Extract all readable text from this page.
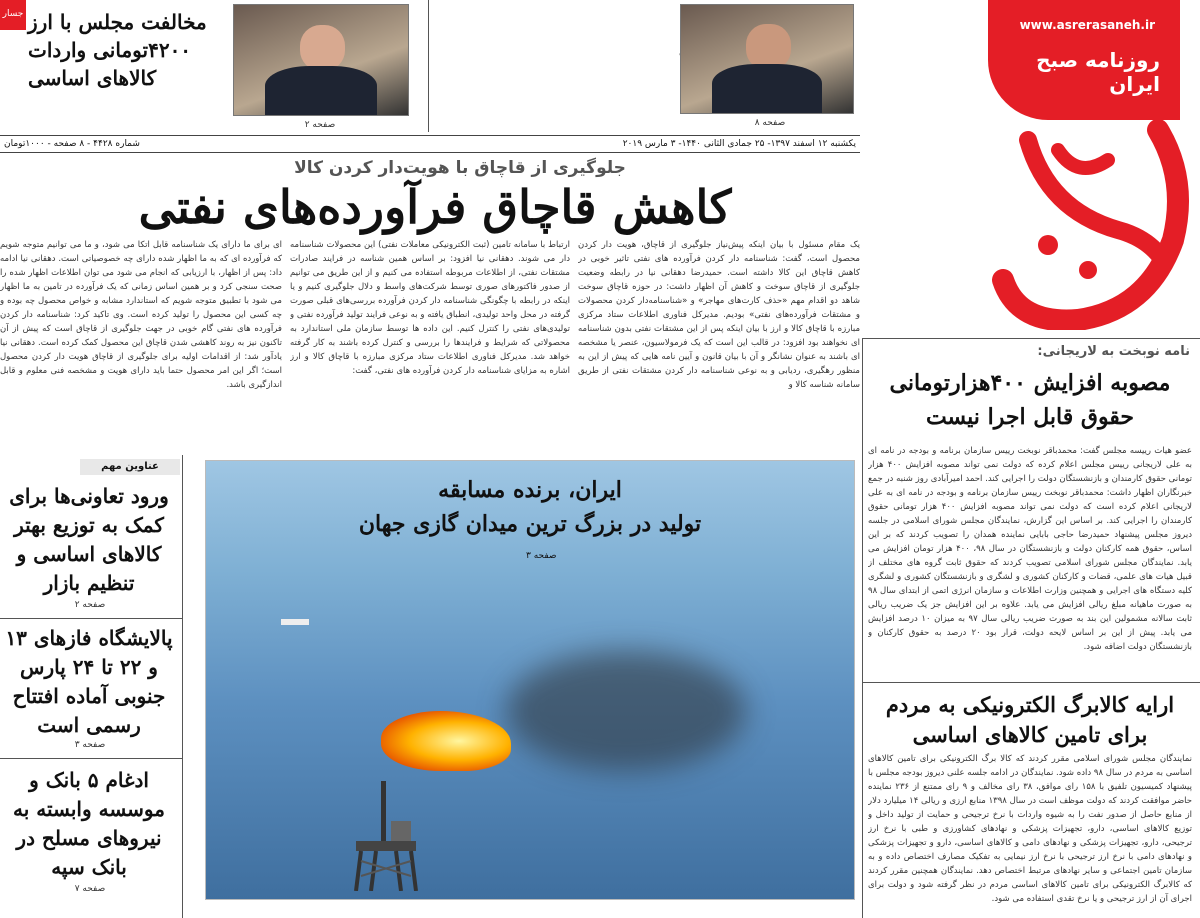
www.asrerasaneh.ir
روزنامه صبح ایران
صفحه ۸
مخالفت مجلس با ارز ۴۲۰۰تومانی واردات کالاهای اساسی
صفحه ۲
جسار
یکشنبه ۱۲ اسفند ۱۳۹۷- ۲۵ جمادی الثانی ۱۴۴۰- ۳ مارس ۲۰۱۹
شماره ۴۴۲۸ - ۸ صفحه - ۱۰۰۰تومان
جلوگیری از قاچاق با هویت‌دار کردن کالا
کاهش قاچاق فرآورده‌های نفتی
یک مقام مسئول با بیان اینکه پیش‌نیاز جلوگیری از قاچاق، هویت دار کردن محصول است، گفت: شناسنامه دار کردن فرآورده های نفتی تاثیر خوبی در کاهش قاچاق این کالا داشته است. حمیدرضا دهقانی نیا در رابطه وضعیت جلوگیری از قاچاق سوخت و کاهش آن اظهار داشت: در حوزه قاچاق سوخت شاهد دو اقدام مهم «حذف کارت‌های مهاجر» و «شناسنامه‌دار کردن محصولات و مشتقات فرآورده‌های نفتی» بودیم. مدیرکل فناوری اطلاعات ستاد مرکزی مبارزه با قاچاق کالا و ارز با بیان اینکه پس از این مشتقات نفتی بدون شناسنامه ای نخواهند بود افزود: در قالب این است که یک فرمولاسیون، عنصر یا مشخصه ای باشند به عنوان نشانگر و آن با بیان قانون و آیین نامه هایی که پیش از این به منظور رهگیری، ردیابی و به نوعی شناسنامه دار کردن مشتقات نفتی از طریق سامانه شناسه کالا و
ارتباط با سامانه تامین (ثبت الکترونیکی معاملات نفتی) این محصولات شناسنامه دار می شوند. دهقانی نیا افزود: بر اساس همین شناسه در فرایند صادرات مشتقات نفتی، از اطلاعات مربوطه استفاده می کنیم و از این طریق می توانیم از صدور فاکتورهای صوری توسط شرکت‌های واسط و دلال جلوگیری کنیم و یا اینکه در رابطه با چگونگی شناسنامه دار کردن فرآورده بررسی‌های قبلی صورت گرفته در محل واحد تولیدی، انطباق یافته و به نوعی فرایند تولید فرآورده نفتی و تولیدی‌های نفتی را کنترل کنیم. این داده ها توسط سازمان ملی استاندارد به محصولاتی که شرایط و فرایندها را بررسی و کنترل کرده باشند به کار گرفته خواهد شد. مدیرکل فناوری اطلاعات ستاد مرکزی مبارزه با قاچاق کالا و ارز اشاره به مزایای شناسنامه دار کردن فرآورده های نفتی، گفت:
ای برای ما دارای یک شناسنامه قابل اتکا می شود، و ما می توانیم متوجه شویم که فرآورده ای که به ما اظهار شده دارای چه خصوصیاتی است. دهقانی نیا ادامه داد: پس از اظهار، با ارزیابی که انجام می شود می توان اطلاعات اظهار شده را صحت سنجی کرد و بر همین اساس زمانی که یک فرآورده در تامین به ما اظهار می شود با تطبیق متوجه شویم که استاندارد مشابه و خواص محصول چه بوده و چه کسی این محصول را تولید کرده است. وی تاکید کرد: شناسنامه دار کردن فرآورده های نفتی گام خوبی در جهت جلوگیری از قاچاق است که پیش از آن تاکنون نیز به روند کاهشی شدن قاچاق این محصول کمک کرده است. دهقانی نیا یادآور شد: از اقدامات اولیه برای جلوگیری از قاچاق هویت دار کردن محصول است؛ اگر این امر محصول حتما باید دارای هویت و مشخصه فنی معلوم و قابل اندازگیری باشد.
ایران، برنده مسابقه
تولید در بزرگ ترین میدان گازی جهان
صفحه ۳
نامه نوبخت به لاریجانی:
مصوبه افزایش ۴۰۰هزارتومانی حقوق قابل اجرا نیست
عضو هیات رییسه مجلس گفت: محمدباقر نوبخت رییس سازمان برنامه و بودجه در نامه ای به علی لاریجانی رییس مجلس اعلام کرده که دولت نمی تواند مصوبه افزایش ۴۰۰ هزار تومانی حقوق کارمندان و بازنشستگان دولت را اجرایی کند. احمد امیرآبادی روز شنبه در جمع خبرنگاران اظهار داشت: محمدباقر نوبخت رییس سازمان برنامه و بودجه در نامه ای به علی لاریجانی اعلام کرده است که دولت نمی تواند مصوبه افزایش ۴۰۰ هزار تومانی حقوق کارمندان را اجرایی کند. بر اساس این گزارش، نمایندگان مجلس شورای اسلامی در جلسه دیروز مجلس پیشنهاد حمیدرضا حاجی بابایی نماینده همدان را تصویب کردند که بر این اساس، حقوق همه کارکنان دولت و بازنشستگان در سال ۹۸، ۴۰۰ هزار تومان افزایش می یابد. نمایندگان مجلس شورای اسلامی تصویب کردند که حقوق ثابت گروه های مختلف از قبیل هیات های علمی، قضات و کارکنان کشوری و لشگری و بازنشستگان کشوری و لشگری کلیه دستگاه های اجرایی و همچنین وزارت اطلاعات و سازمان انرژی اتمی از ابتدای سال ۹۸ به صورت ماهیانه مبلغ ریالی افزایش می یابد. علاوه بر این افزایش جز یک ضریب ریالی ثابت سالانه مشمولین این بند به صورت ضریب ریالی سال ۹۷ به میزان ۱۰ درصد افزایش می یابد. پیش از این بر اساس لایحه دولت، قرار بود ۲۰ درصد به حقوق کارکنان و بازنشستگان دولت اضافه شود.
ارایه کالابرگ الکترونیکی به مردم برای تامین کالاهای اساسی
نمایندگان مجلس شورای اسلامی مقرر کردند که کالا برگ الکترونیکی برای تامین کالاهای اساسی به مردم در سال ۹۸ داده شود. نمایندگان در ادامه جلسه علنی دیروز بودجه مجلس با پیشنهاد کمیسیون تلفیق با ۱۵۸ رای موافق، ۳۸ رای مخالف و ۹ رای ممتنع از ۲۳۶ نماینده حاضر موافقت کردند که دولت موظف است در سال ۱۳۹۸ منابع ارزی و ریالی ۱۴ میلیارد دلار از منابع حاصل از صدور نفت را به شیوه واردات با نرخ ترجیحی و حمایت از تولید داخل و توزیع کالاهای اساسی، دارو، تجهیزات پزشکی و نهادهای کشاورزی و طبی با نرخ ارز ترجیحی، دارو، تجهیزات پزشکی و نهادهای دامی و کالاهای اساسی، دارو و تجهیزات پزشکی و نهادهای دامی با نرخ ارز ترجیحی با نرخ ارز نیمایی به تفکیک مصارف اختصاص داده و به سازمان تامین اجتماعی و سایر نهادهای مرتبط اختصاص دهد. نمایندگان همچنین مقرر کردند که کالابرگ الکترونیکی برای تامین کالاهای اساسی مردم در نظر گرفته شود و دولت برای اجرای آن از ارز ترجیحی و یا نرخ تقدی استفاده می شود.
عناوین مهم
ورود تعاونی‌ها برای کمک به توزیع بهتر کالاهای اساسی و تنظیم بازار
صفحه ۲
پالایشگاه فازهای ۱۳ و ۲۲ تا ۲۴ پارس جنوبی آماده افتتاح رسمی است
صفحه ۳
ادغام ۵ بانک و موسسه وابسته به نیروهای مسلح در بانک سپه
صفحه ۷
